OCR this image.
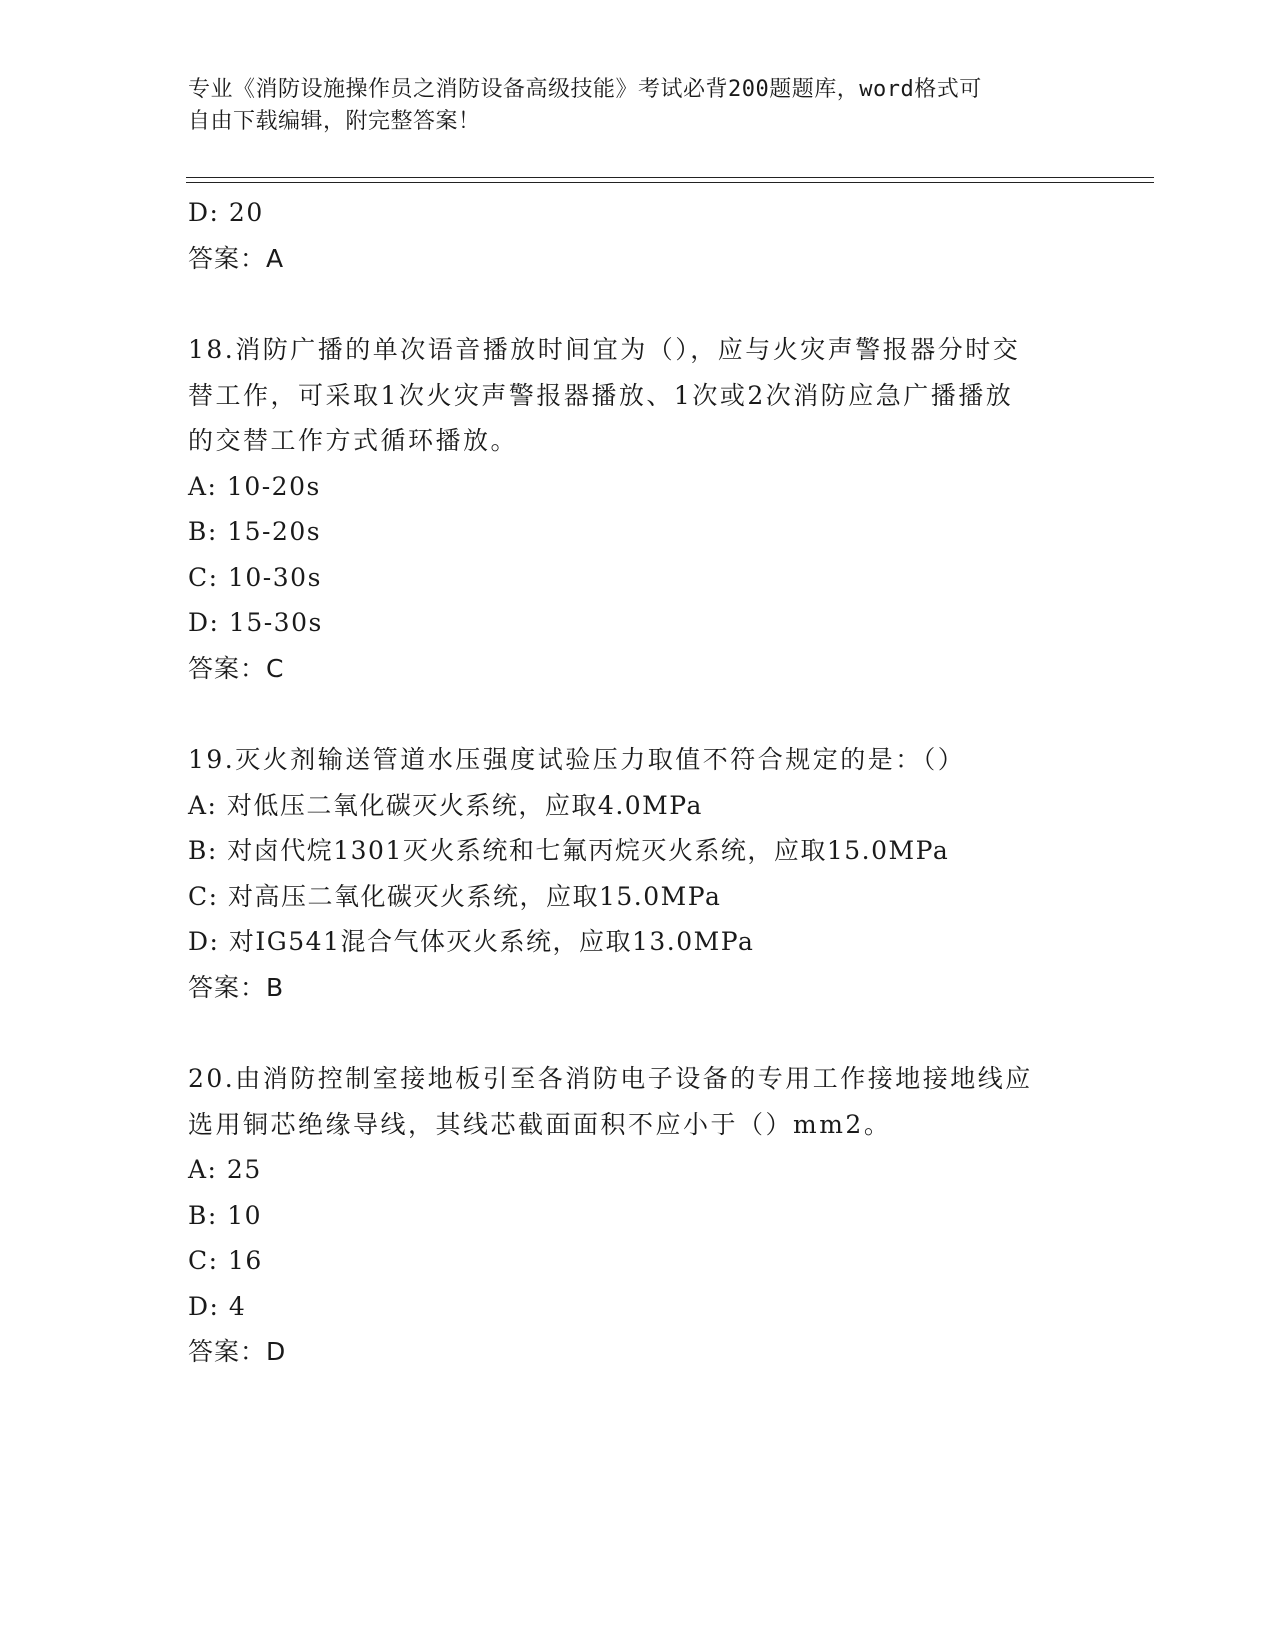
专业《消防设施操作员之消防设备高级技能》考试必背200题题库，word格式可
自由下载编辑，附完整答案！
D: 20
答案：A
18.消防广播的单次语音播放时间宜为（），应与火灾声警报器分时交
替工作，可采取1次火灾声警报器播放、1次或2次消防应急广播播放
的交替工作方式循环播放。
A: 10-20s
B: 15-20s
C: 10-30s
D: 15-30s
答案：C
19.灭火剂输送管道水压强度试验压力取值不符合规定的是：（）
A: 对低压二氧化碳灭火系统，应取4.0MPa
B: 对卤代烷1301灭火系统和七氟丙烷灭火系统，应取15.0MPa
C: 对高压二氧化碳灭火系统，应取15.0MPa
D: 对IG541混合气体灭火系统，应取13.0MPa
答案：B
20.由消防控制室接地板引至各消防电子设备的专用工作接地接地线应
选用铜芯绝缘导线，其线芯截面面积不应小于（）mm2。
A: 25
B: 10
C: 16
D: 4
答案：D
